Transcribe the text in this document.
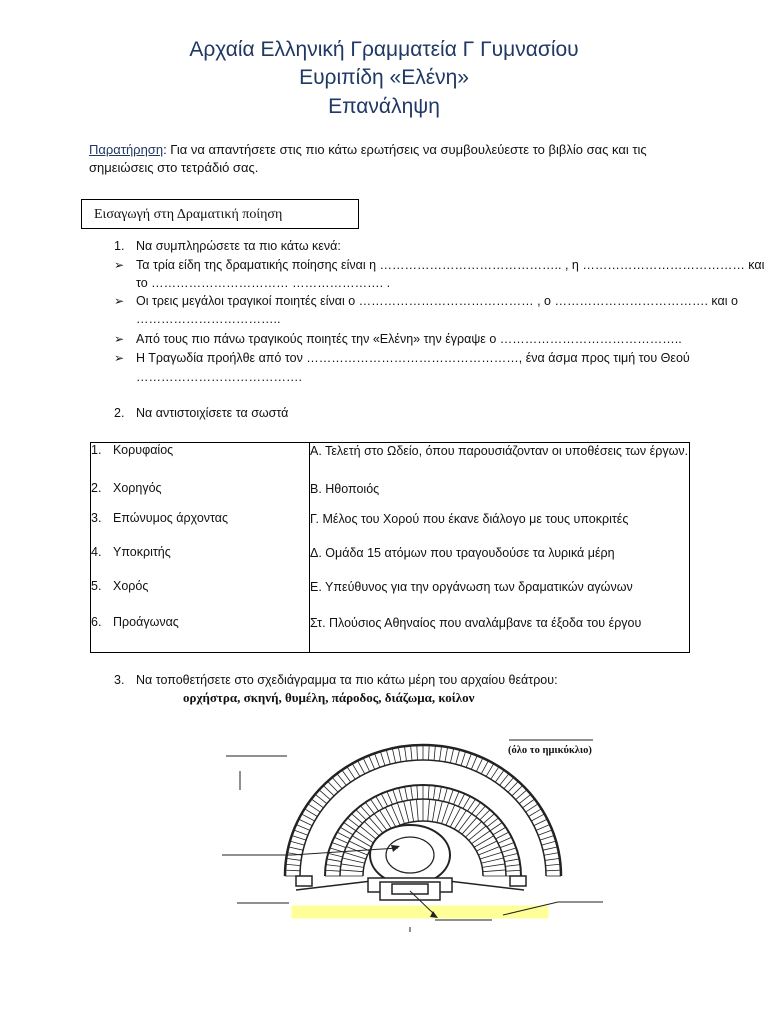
Αρχαία Ελληνική Γραμματεία Γ Γυμνασίου
Ευριπίδη «Ελένη»
Επανάληψη
Παρατήρηση: Για να απαντήσετε στις πιο κάτω ερωτήσεις να συμβουλεύεστε το βιβλίο σας και τις σημειώσεις στο τετράδιό σας.
Εισαγωγή στη Δραματική ποίηση
1. Να συμπληρώσετε τα πιο κάτω κενά:
➢ Τα τρία είδη της δραματικής ποίησης είναι η …………………………………….. , η ………………………………… και
το …………………………… …………………. .
➢ Οι τρεις μεγάλοι τραγικοί ποιητές είναι ο …………………………………… , ο ………………………………. και ο
……………………………..
➢ Από τους πιο πάνω τραγικούς ποιητές την «Ελένη» την έγραψε ο ……………………………………..
➢ Η Τραγωδία προήλθε από τον ……………………………………………, ένα άσμα προς τιμή του Θεού
………………………………….
2. Να αντιστοιχίσετε τα σωστά
1. Κορυφαίος	Α. Τελετή στο Ωδείο, όπου παρουσιάζονταν οι υποθέσεις των έργων.
2. Χορηγός	Β. Ηθοποιός
3. Επώνυμος άρχοντας	Γ. Μέλος του Χορού που έκανε διάλογο με τους υποκριτές
4. Υποκριτής	Δ. Ομάδα 15 ατόμων που τραγουδούσε τα λυρικά μέρη
5. Χορός	Ε. Υπεύθυνος για την οργάνωση των δραματικών αγώνων
6. Προάγωνας	Στ. Πλούσιος Αθηναίος που αναλάμβανε τα έξοδα του έργου
3. Να τοποθετήσετε στο σχεδιάγραμμα τα πιο κάτω μέρη του αρχαίου θεάτρου:
ορχήστρα, σκηνή, θυμέλη, πάροδος, διάζωμα, κοίλον
(όλο το ημικύκλιο)
